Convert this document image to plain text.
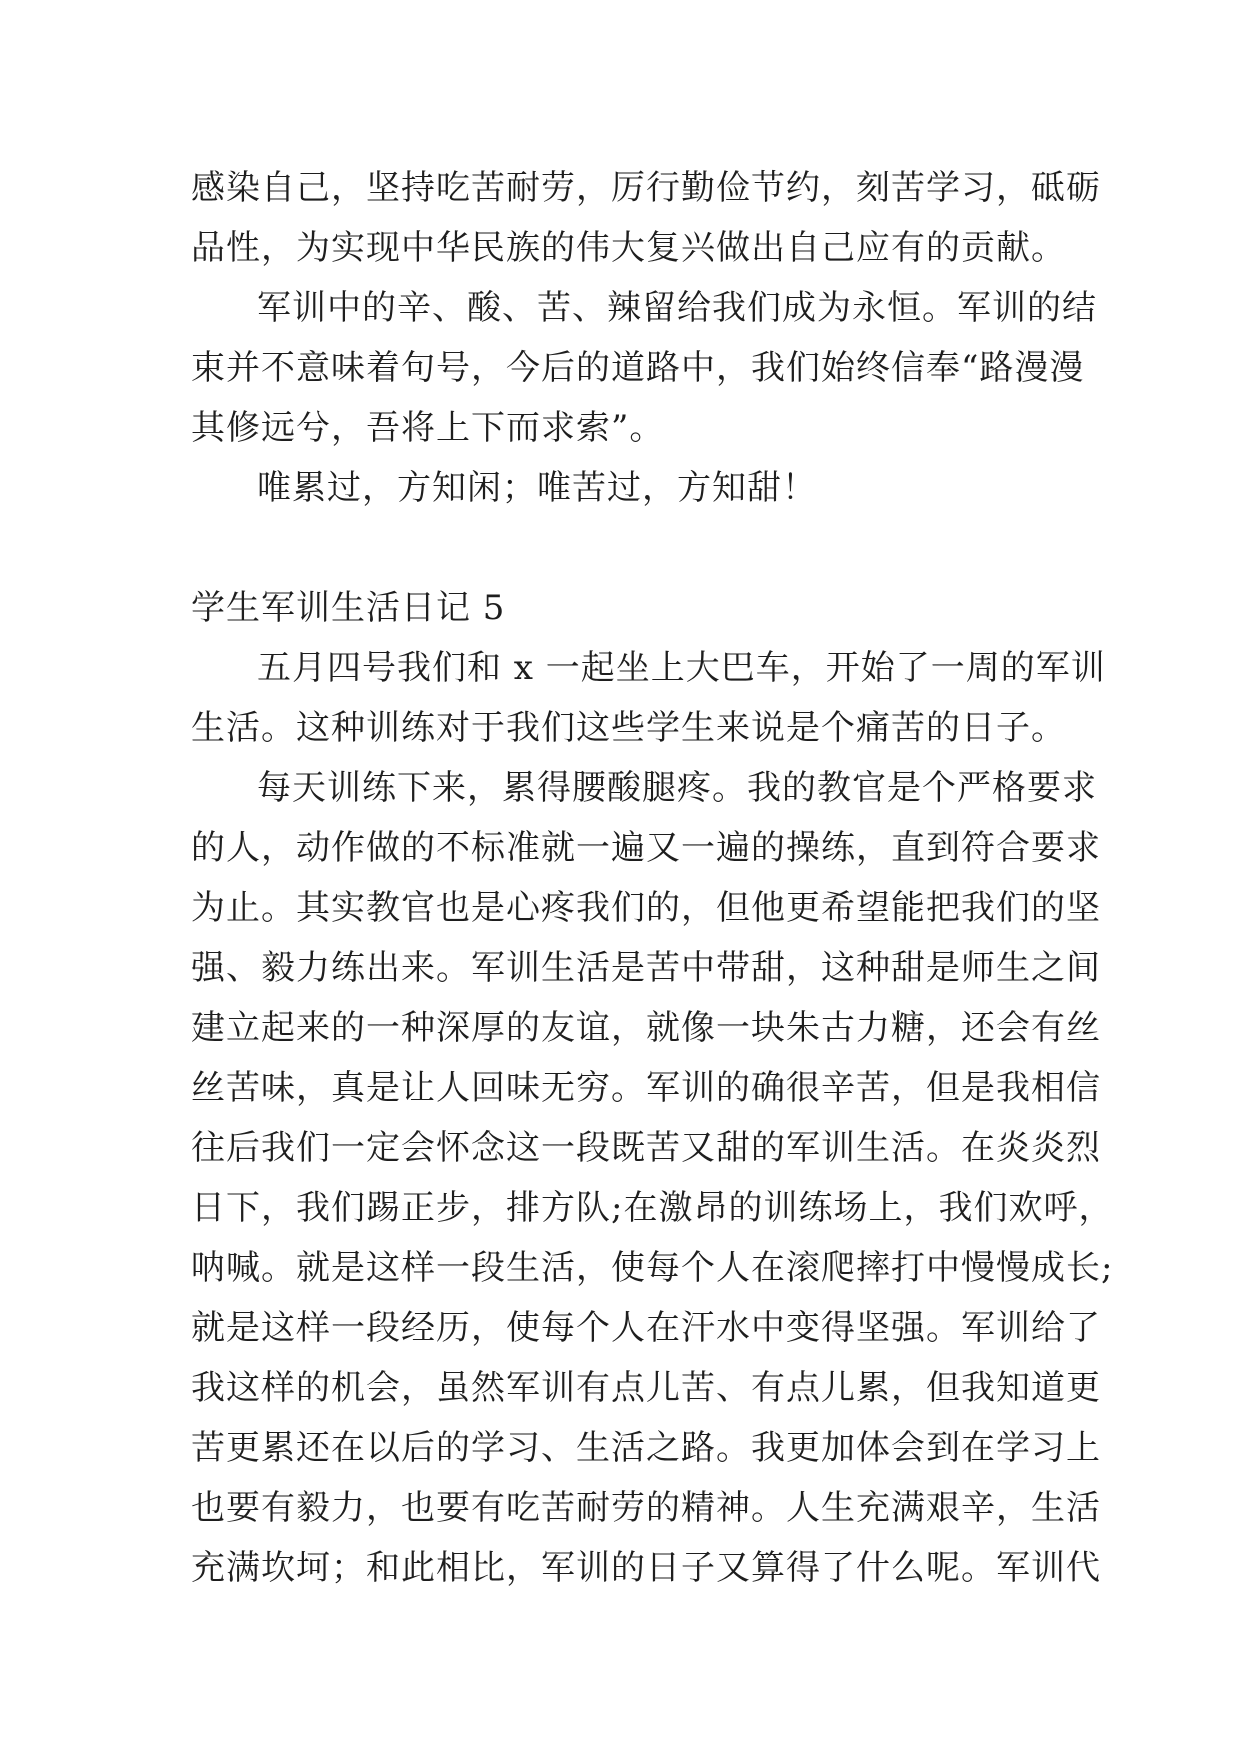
感染自己，坚持吃苦耐劳，厉行勤俭节约，刻苦学习，砥砺
品性，为实现中华民族的伟大复兴做出自己应有的贡献。
军训中的辛、酸、苦、辣留给我们成为永恒。军训的结
束并不意味着句号，今后的道路中，我们始终信奉“路漫漫
其修远兮，吾将上下而求索”。
唯累过，方知闲；唯苦过，方知甜！
学生军训生活日记 5
五月四号我们和 x 一起坐上大巴车，开始了一周的军训
生活。这种训练对于我们这些学生来说是个痛苦的日子。
每天训练下来，累得腰酸腿疼。我的教官是个严格要求
的人，动作做的不标准就一遍又一遍的操练，直到符合要求
为止。其实教官也是心疼我们的，但他更希望能把我们的坚
强、毅力练出来。军训生活是苦中带甜，这种甜是师生之间
建立起来的一种深厚的友谊，就像一块朱古力糖，还会有丝
丝苦味，真是让人回味无穷。军训的确很辛苦，但是我相信
往后我们一定会怀念这一段既苦又甜的军训生活。在炎炎烈
日下，我们踢正步，排方队;在激昂的训练场上，我们欢呼，
呐喊。就是这样一段生活，使每个人在滚爬摔打中慢慢成长;
就是这样一段经历，使每个人在汗水中变得坚强。军训给了
我这样的机会，虽然军训有点儿苦、有点儿累，但我知道更
苦更累还在以后的学习、生活之路。我更加体会到在学习上
也要有毅力，也要有吃苦耐劳的精神。人生充满艰辛，生活
充满坎坷；和此相比，军训的日子又算得了什么呢。军训代
